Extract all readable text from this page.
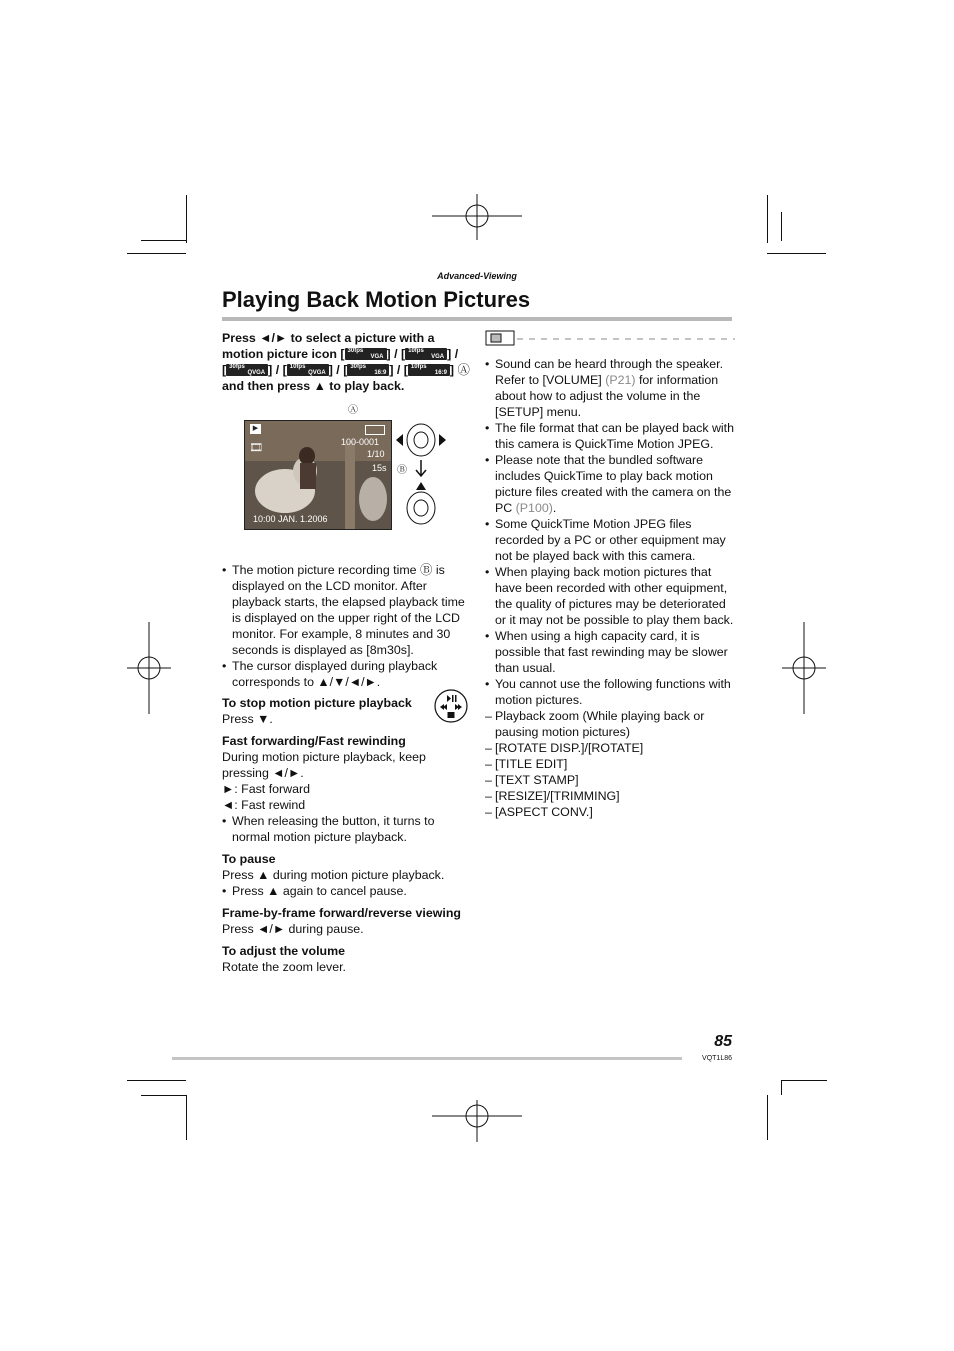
Advanced-Viewing
Playing Back Motion Pictures

Press ◄/► to select a picture with a
motion picture icon [ 30fps
VGA ] / [ 10fps
VGA ] /
[ 30fps
QVGA ] / [ 10fps
QVGA ] / [ 30fps
16:9 ] / [ 10fps
16:9 ] Ⓐ
and then press ▲ to play back.

• The motion picture recording time Ⓑ is displayed on the LCD monitor. After playback starts, the elapsed playback time is displayed on the upper right of the LCD monitor. For example, 8 minutes and 30 seconds is displayed as [8m30s].

• The cursor displayed during playback corresponds to ▲/▼/◄/►.

To stop motion picture playback

Press ▼.

Fast forwarding/Fast rewinding

During motion picture playback, keep pressing ◄/►.

►: Fast forward

◄: Fast rewind

• When releasing the button, it turns to normal motion picture playback.

To pause

Press ▲ during motion picture playback.

• Press ▲ again to cancel pause.

Frame-by-frame forward/reverse viewing

Press ◄/► during pause.

To adjust the volume

Rotate the zoom lever.

▶
🎞	100-0001
1/10
15s
10:00 JAN. 1.2006
Ⓐ
Ⓑ

• Sound can be heard through the speaker. Refer to [VOLUME] (P21) for information about how to adjust the volume in the [SETUP] menu.

• The file format that can be played back with this camera is QuickTime Motion JPEG.

• Please note that the bundled software includes QuickTime to play back motion picture files created with the camera on the PC (P100).

• Some QuickTime Motion JPEG files recorded by a PC or other equipment may not be played back with this camera.

• When playing back motion pictures that have been recorded with other equipment, the quality of pictures may be deteriorated or it may not be possible to play them back.

• When using a high capacity card, it is possible that fast rewinding may be slower than usual.

• You cannot use the following functions with motion pictures.

– Playback zoom (While playing back or pausing motion pictures)

– [ROTATE DISP.]/[ROTATE]

– [TITLE EDIT]

– [TEXT STAMP]

– [RESIZE]/[TRIMMING]

– [ASPECT CONV.]

85
VQT1L86
